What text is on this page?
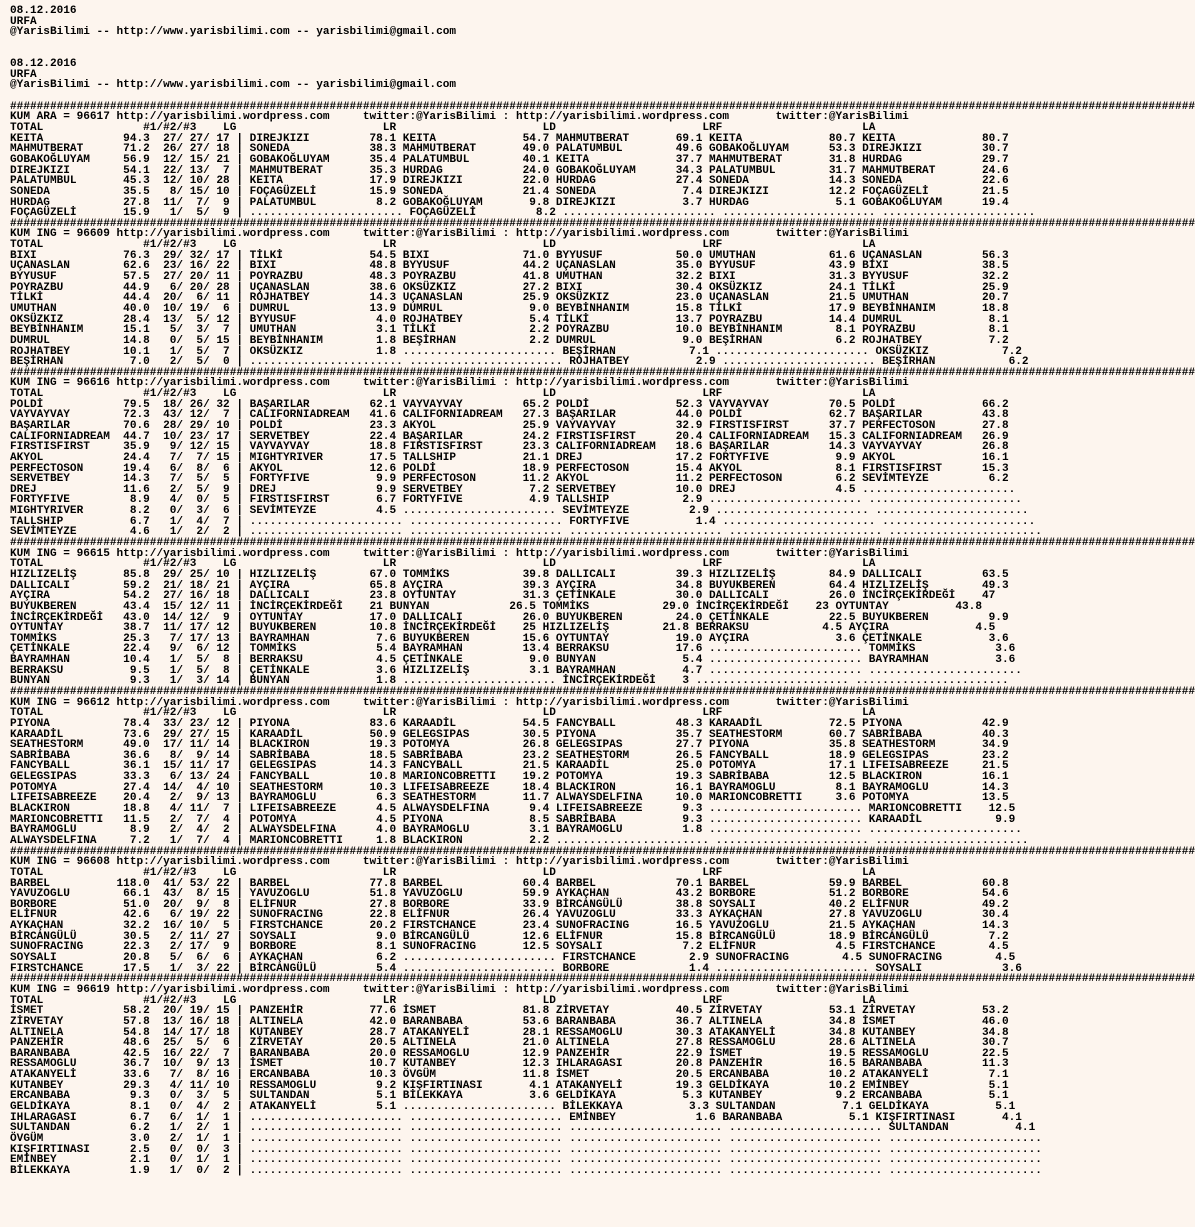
08.12.2016
URFA
@YarisBilimi -- http://www.yarisbilimi.com -- yarisbilimi@gmail.com
08.12.2016
URFA
@YarisBilimi -- http://www.yarisbilimi.com -- yarisbilimi@gmail.com
##################################################################################################################################################################################
KUM ARA = 96617 http://yarisbilimi.wordpress.com     twitter:@YarisBilimi : http://yarisbilimi.wordpress.com       twitter:@YarisBilimi
TOTAL               #1/#2/#3    LG                      LR                      LD                      LRF                     LA
KEITA            94.3  27/ 27/ 17 | DIREJKIZI         78.1 KEITA             54.7 MAHMUTBERAT       69.1 KEITA             80.7 KEITA             80.7
MAHMUTBERAT      71.2  26/ 27/ 18 | SONEDA            38.3 MAHMUTBERAT       49.0 PALATUMBUL        49.6 GOBAKOĞLUYAM      53.3 DIREJKIZI         30.7
GOBAKOĞLUYAM     56.9  12/ 15/ 21 | GOBAKOĞLUYAM      35.4 PALATUMBUL        40.1 KEITA             37.7 MAHMUTBERAT       31.8 HURDAG            29.7
DIREJKIZI        54.1  22/ 13/  7 | MAHMUTBERAT       35.3 HURDAG            24.0 GOBAKOĞLUYAM      34.3 PALATUMBUL        31.7 MAHMUTBERAT       24.6
PALATUMBUL       45.3  12/ 10/ 28 | KEITA             17.9 DIREJKIZI         22.0 HURDAG            27.4 SONEDA            14.3 SONEDA            22.6
SONEDA           35.5   8/ 15/ 10 | FOÇAGÜZELİ        15.9 SONEDA            21.4 SONEDA             7.4 DIREJKIZI         12.2 FOÇAGÜZELİ        21.5
HURDAG           27.8  11/  7/  9 | PALATUMBUL         8.2 GOBAKOĞLUYAM       9.8 DIREJKIZI          3.7 HURDAG             5.1 GOBAKOĞLUYAM      19.4
FOÇAGÜZELİ       15.9   1/  5/  9 | ....................... FOÇAGÜZELİ         8.2 ....................... ....................... .......................
##################################################################################################################################################################################
KUM ING = 96609 http://yarisbilimi.wordpress.com     twitter:@YarisBilimi : http://yarisbilimi.wordpress.com       twitter:@YarisBilimi
TOTAL               #1/#2/#3    LG                      LR                      LD                      LRF                     LA
BIXI             76.3  29/ 32/ 17 | TİLKİ             54.5 BIXI              71.0 BYYUSUF           50.0 UMUTHAN           61.6 UÇANASLAN         56.3
UÇANASLAN        62.6  23/ 16/ 22 | BIXI              48.8 BYYUSUF           44.2 UÇANASLAN         35.0 BYYUSUF           43.9 BIXI              38.5
BYYUSUF          57.5  27/ 20/ 11 | POYRAZBU          48.3 POYRAZBU          41.8 UMUTHAN           32.2 BIXI              31.3 BYYUSUF           32.2
POYRAZBU         44.9   6/ 20/ 28 | UÇANASLAN         38.6 OKSÜZKIZ          27.2 BIXI              30.4 OKSÜZKIZ          24.1 TİLKİ             25.9
TİLKİ            44.4  20/  6/ 11 | ROJHATBEY         14.3 UÇANASLAN         25.9 OKSÜZKIZ          23.0 UÇANASLAN         21.5 UMUTHAN           20.7
UMUTHAN          40.0  10/ 19/  6 | DUMRUL            13.9 DUMRUL             9.0 BEYBİNHANIM       15.8 TİLKİ             17.9 BEYBİNHANIM       18.8
OKSÜZKIZ         28.4  13/  5/ 12 | BYYUSUF            4.0 ROJHATBEY          5.4 TİLKİ             13.7 POYRAZBU          14.4 DUMRUL             8.1
BEYBİNHANIM      15.1   5/  3/  7 | UMUTHAN            3.1 TİLKİ              2.2 POYRAZBU          10.0 BEYBİNHANIM        8.1 POYRAZBU           8.1
DUMRUL           14.8   0/  5/ 15 | BEYBİNHANIM        1.8 BEŞİRHAN           2.2 DUMRUL             9.0 BEŞİRHAN           6.2 ROJHATBEY          7.2
ROJHATBEY        10.1   1/  5/  7 | OKSÜZKIZ           1.8 ....................... BEŞİRHAN           7.1 ....................... OKSÜZKIZ           7.2
BEŞİRHAN          7.0   2/  5/  0 | ....................... ....................... ROJHATBEY          2.9 ....................... BEŞİRHAN           6.2
##################################################################################################################################################################################
KUM ING = 96616 http://yarisbilimi.wordpress.com     twitter:@YarisBilimi : http://yarisbilimi.wordpress.com       twitter:@YarisBilimi
TOTAL               #1/#2/#3    LG                      LR                      LD                      LRF                     LA
POLDİ            79.5  18/ 26/ 32 | BAŞARILAR         62.1 VAYVAYVAY         65.2 POLDİ             52.3 VAYVAYVAY         70.5 POLDİ             66.2
VAYVAYVAY        72.3  43/ 12/  7 | CALIFORNIADREAM   41.6 CALIFORNIADREAM   27.3 BAŞARILAR         44.0 POLDİ             62.7 BAŞARILAR         43.8
BAŞARILAR        70.6  28/ 29/ 10 | POLDİ             23.3 AKYOL             25.9 VAYVAYVAY         32.9 FIRSTISFIRST      37.7 PERFECTOSON       27.8
CALIFORNIADREAM  44.7  10/ 23/ 17 | SERVETBEY         22.4 BAŞARILAR         24.2 FIRSTISFIRST      20.4 CALIFORNIADREAM   15.3 CALIFORNIADREAM   26.9
FIRSTISFIRST     35.9   9/ 12/ 15 | VAYVAYVAY         18.8 FIRSTISFIRST      23.3 CALIFORNIADREAM   18.6 BAŞARILAR         14.3 VAYVAYVAY         26.8
AKYOL            24.4   7/  7/ 15 | MIGHTYRIVER       17.5 TALLSHIP          21.1 DREJ              17.2 FORTYFIVE          9.9 AKYOL             16.1
PERFECTOSON      19.4   6/  8/  6 | AKYOL             12.6 POLDİ             18.9 PERFECTOSON       15.4 AKYOL              8.1 FIRSTISFIRST      15.3
SERVETBEY        14.3   7/  5/  5 | FORTYFIVE          9.9 PERFECTOSON       11.2 AKYOL             11.2 PERFECTOSON        6.2 SEVİMTEYZE         6.2
DREJ             11.6   2/  5/  9 | DREJ               9.9 SERVETBEY          7.2 SERVETBEY         10.0 DREJ               4.5 .......................
FORTYFIVE         8.9   4/  0/  5 | FIRSTISFIRST       6.7 FORTYFIVE          4.9 TALLSHIP           2.9 ....................... .......................
MIGHTYRIVER       8.2   0/  3/  6 | SEVİMTEYZE         4.5 ....................... SEVİMTEYZE         2.9 ....................... .......................
TALLSHIP          6.7   1/  4/  7 | ....................... ....................... FORTYFIVE          1.4 ....................... .......................
SEVİMTEYZE        4.6   1/  2/  2 | ....................... ....................... ....................... ....................... .......................
##################################################################################################################################################################################
KUM ING = 96615 http://yarisbilimi.wordpress.com     twitter:@YarisBilimi : http://yarisbilimi.wordpress.com       twitter:@YarisBilimi
TOTAL               #1/#2/#3    LG                      LR                      LD                      LRF                     LA
HIZLIZELİŞ       85.8  29/ 25/ 10 | HIZLIZELİŞ        67.0 TOMMİKS           39.8 DALLICALI         39.3 HIZLIZELİŞ        84.9 DALLICALI         63.5
DALLICALI        59.2  21/ 18/ 21 | AYÇIRA            65.8 AYÇIRA            39.3 AYÇIRA            34.8 BUYUKBEREN        64.4 HIZLIZELİŞ        49.3
AYÇIRA           54.2  27/ 16/ 18 | DALLICALI         23.8 OYTUNTAY          31.3 ÇETİNKALE         30.0 DALLICALI         26.0 İNCİRÇEKİRDEĞİ    47
BUYUKBEREN       43.4  15/ 12/ 11 | İNCİRÇEKİRDEĞİ    21 BUNYAN            26.5 TOMMİKS           29.0 İNCİRÇEKİRDEĞİ    23 OYTUNTAY          43.8
İNCİRÇEKİRDEĞİ   43.0  14/ 12/  9 | OYTUNTAY          17.0 DALLICALI         26.0 BUYUKBEREN        24.0 ÇETİNKALE         22.5 BUYUKBEREN         9.9
OYTUNTAY         38.7  11/ 17/ 12 | BUYUKBEREN        10.8 İNCİRÇEKİRDEĞİ    25 HIZLIZELİŞ        21.8 BERRAKSU           4.5 AYÇIRA             4.5
TOMMİKS          25.3   7/ 17/ 13 | BAYRAMHAN          7.6 BUYUKBEREN        15.6 OYTUNTAY          19.0 AYÇIRA             3.6 ÇETİNKALE          3.6
ÇETİNKALE        22.4   9/  6/ 12 | TOMMİKS            5.4 BAYRAMHAN         13.4 BERRAKSU          17.6 ....................... TOMMİKS            3.6
BAYRAMHAN        10.4   1/  5/  8 | BERRAKSU           4.5 ÇETİNKALE          9.0 BUNYAN             5.4 ....................... BAYRAMHAN          3.6
BERRAKSU          9.5   1/  5/  8 | ÇETİNKALE          3.6 HIZLIZELİŞ         3.1 BAYRAMHAN          4.7 ....................... .......................
BUNYAN            9.3   1/  3/ 14 | BUNYAN             1.8 ....................... İNCİRÇEKİRDEĞİ    3 ....................... .......................
##################################################################################################################################################################################
KUM ING = 96612 http://yarisbilimi.wordpress.com     twitter:@YarisBilimi : http://yarisbilimi.wordpress.com       twitter:@YarisBilimi
TOTAL               #1/#2/#3    LG                      LR                      LD                      LRF                     LA
PIYONA           78.4  33/ 23/ 12 | PIYONA            83.6 KARAADİL          54.5 FANCYBALL         48.3 KARAADİL          72.5 PIYONA            42.9
KARAADİL         73.6  29/ 27/ 15 | KARAADİL          50.9 GELEGSIPAS        30.5 PIYONA            35.7 SEATHESTORM       60.7 SABRİBABA         40.3
SEATHESTORM      49.0  17/ 11/ 14 | BLACKIRON         19.3 POTOMYA           26.8 GELEGSIPAS        27.7 PIYONA            35.8 SEATHESTORM       34.9
SABRİBABA        36.6   8/  9/ 14 | SABRİBABA         18.5 SABRİBABA         23.2 SEATHESTORM       26.5 FANCYBALL         18.9 GELEGSIPAS        23.2
FANCYBALL        36.1  15/ 11/ 17 | GELEGSIPAS        14.3 FANCYBALL         21.5 KARAADİL          25.0 POTOMYA           17.1 LIFEISABREEZE     21.5
GELEGSIPAS       33.3   6/ 13/ 24 | FANCYBALL         10.8 MARIONCOBRETTI    19.2 POTOMYA           19.3 SABRİBABA         12.5 BLACKIRON         16.1
POTOMYA          27.4  14/  4/ 10 | SEATHESTORM       10.3 LIFEISABREEZE     18.4 BLACKIRON         16.1 BAYRAMOGLU         8.1 BAYRAMOGLU        14.3
LIFEISABREEZE    20.4   2/  9/ 13 | BAYRAMOGLU         6.3 SEATHESTORM       11.7 ALWAYSDELFINA     10.0 MARIONCOBRETTI     3.6 POTOMYA           13.5
BLACKIRON        18.8   4/ 11/  7 | LIFEISABREEZE      4.5 ALWAYSDELFINA      9.4 LIFEISABREEZE      9.3 ....................... MARIONCOBRETTI    12.5
MARIONCOBRETTI   11.5   2/  7/  4 | POTOMYA            4.5 PIYONA             8.5 SABRİBABA          9.3 ....................... KARAADİL           9.9
BAYRAMOGLU        8.9   2/  4/  2 | ALWAYSDELFINA      4.0 BAYRAMOGLU         3.1 BAYRAMOGLU         1.8 ....................... .......................
ALWAYSDELFINA     7.2   1/  7/  4 | MARIONCOBRETTI     1.8 BLACKIRON          2.2 ....................... ....................... .......................
##################################################################################################################################################################################
KUM ING = 96608 http://yarisbilimi.wordpress.com     twitter:@YarisBilimi : http://yarisbilimi.wordpress.com       twitter:@YarisBilimi
TOTAL               #1/#2/#3    LG                      LR                      LD                      LRF                     LA
BARBEL          118.0  41/ 53/ 22 | BARBEL            77.8 BARBEL            60.4 BARBEL            70.1 BARBEL            59.9 BARBEL            60.8
YAVUZOGLU        66.1  43/  8/ 15 | YAVUZOGLU         51.8 YAVUZOGLU         59.9 AYKAÇHAN          43.2 BORBORE           51.2 BORBORE           54.6
BORBORE          51.0  20/  9/  8 | ELİFNUR           27.8 BORBORE           33.9 BİRCANGÜLÜ        38.8 SOYSALI           40.2 ELİFNUR           49.2
ELİFNUR          42.6   6/ 19/ 22 | SUNOFRACING       22.8 ELİFNUR           26.4 YAVUZOGLU         33.3 AYKAÇHAN          27.8 YAVUZOGLU         30.4
AYKAÇHAN         32.2  16/ 10/  5 | FIRSTCHANCE       20.2 FIRSTCHANCE       23.4 SUNOFRACING       16.5 YAVUZOGLU         21.5 AYKAÇHAN          14.3
BİRCANGÜLÜ       30.5   2/ 11/ 27 | SOYSALI            9.0 BİRCANGÜLÜ        12.6 ELİFNUR           15.8 BİRCANGÜLÜ        18.9 BİRCANGÜLÜ         7.2
SUNOFRACING      22.3   2/ 17/  9 | BORBORE            8.1 SUNOFRACING       12.5 SOYSALI            7.2 ELİFNUR            4.5 FIRSTCHANCE        4.5
SOYSALI          20.8   5/  6/  6 | AYKAÇHAN           6.2 ....................... FIRSTCHANCE        2.9 SUNOFRACING        4.5 SUNOFRACING        4.5
FIRSTCHANCE      17.5   1/  3/ 22 | BİRCANGÜLÜ         5.4 ....................... BORBORE            1.4 ....................... SOYSALI            3.6
##################################################################################################################################################################################
KUM ING = 96619 http://yarisbilimi.wordpress.com     twitter:@YarisBilimi : http://yarisbilimi.wordpress.com       twitter:@YarisBilimi
TOTAL               #1/#2/#3    LG                      LR                      LD                      LRF                     LA
İSMET            58.2  20/ 19/ 15 | PANZEHİR          77.6 İSMET             81.8 ZİRVETAY          40.5 ZİRVETAY          53.1 ZİRVETAY          53.2
ZİRVETAY         57.8  13/ 16/ 18 | ALTINELA          42.0 BARANBABA         53.6 BARANBABA         36.7 ALTINELA          34.8 İSMET             46.0
ALTINELA         54.8  14/ 17/ 18 | KUTANBEY          28.7 ATAKANYELİ        28.1 RESSAMOGLU        30.3 ATAKANYELİ        34.8 KUTANBEY          34.8
PANZEHİR         48.6  25/  5/  6 | ZİRVETAY          20.5 ALTINELA          21.0 ALTINELA          27.8 RESSAMOGLU        28.6 ALTINELA          30.7
BARANBABA        42.5  16/ 22/  7 | BARANBABA         20.0 RESSAMOGLU        12.9 PANZEHİR          22.9 İSMET             19.5 RESSAMOGLU        22.5
RESSAMOGLU       36.7  10/  9/ 13 | İSMET             10.7 KUTANBEY          12.3 IHLARAGASI        20.8 PANZEHİR          16.5 BARANBABA         11.3
ATAKANYELİ       33.6   7/  8/ 16 | ERCANBABA         10.3 ÖVGÜM             11.8 İSMET             20.5 ERCANBABA         10.2 ATAKANYELİ         7.1
KUTANBEY         29.3   4/ 11/ 10 | RESSAMOGLU         9.2 KIŞFIRTINASI       4.1 ATAKANYELİ        19.3 GELDİKAYA         10.2 EMİNBEY            5.1
ERCANBABA         9.3   0/  3/  5 | SULTANDAN          5.1 BİLEKKAYA          3.6 GELDİKAYA          5.3 KUTANBEY           9.2 ERCANBABA          5.1
GELDİKAYA         8.1   0/  4/  2 | ATAKANYELİ         5.1 ....................... BİLEKKAYA          3.3 SULTANDAN          7.1 GELDİKAYA          5.1
IHLARAGASI        6.7   6/  1/  1 | ....................... ....................... EMİNBEY            1.6 BARANBABA          5.1 KIŞFIRTINASI       4.1
SULTANDAN         6.2   1/  2/  1 | ....................... ....................... ....................... ....................... SULTANDAN          4.1
ÖVGÜM             3.0   2/  1/  1 | ....................... ....................... ....................... ....................... .......................
KIŞFIRTINASI      2.5   0/  0/  3 | ....................... ....................... ....................... ....................... .......................
EMİNBEY           2.1   0/  1/  1 | ....................... ....................... ....................... ....................... .......................
BİLEKKAYA         1.9   1/  0/  2 | ....................... ....................... ....................... ....................... .......................
